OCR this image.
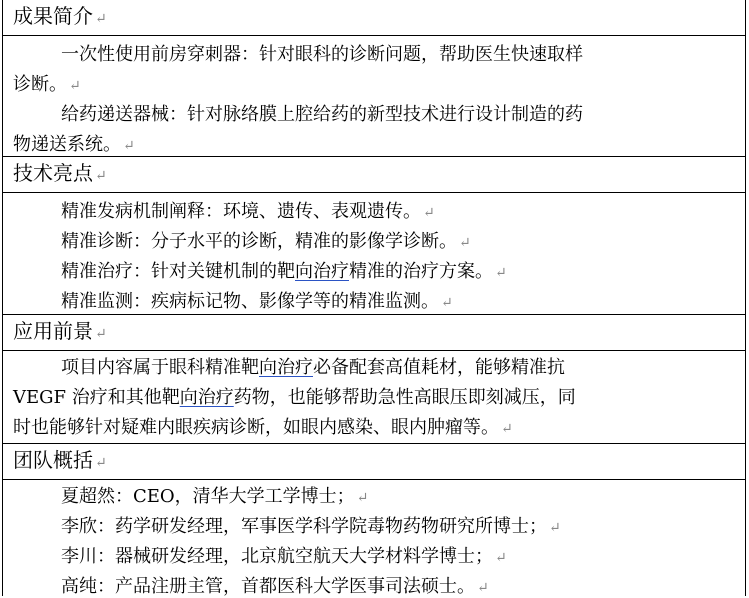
成果简介 ↵
一次性使用前房穿刺器：针对眼科的诊断问题，帮助医生快速取样
诊断。 ↵
给药递送器械：针对脉络膜上腔给药的新型技术进行设计制造的药
物递送系统。 ↵
技术亮点 ↵
精准发病机制阐释：环境、遗传、表观遗传。 ↵
精准诊断：分子水平的诊断，精准的影像学诊断。 ↵
精准治疗：针对关键机制的靶向治疗精准的治疗方案。 ↵
精准监测：疾病标记物、影像学等的精准监测。 ↵
应用前景 ↵
项目内容属于眼科精准靶向治疗必备配套高值耗材，能够精准抗
VEGF 治疗和其他靶向治疗药物，也能够帮助急性高眼压即刻减压，同
时也能够针对疑难内眼疾病诊断，如眼内感染、眼内肿瘤等。 ↵
团队概括 ↵
夏超然：CEO，清华大学工学博士； ↵
李欣：药学研发经理，军事医学科学院毒物药物研究所博士； ↵
李川：器械研发经理，北京航空航天大学材料学博士； ↵
高纯：产品注册主管，首都医科大学医事司法硕士。 ↵
